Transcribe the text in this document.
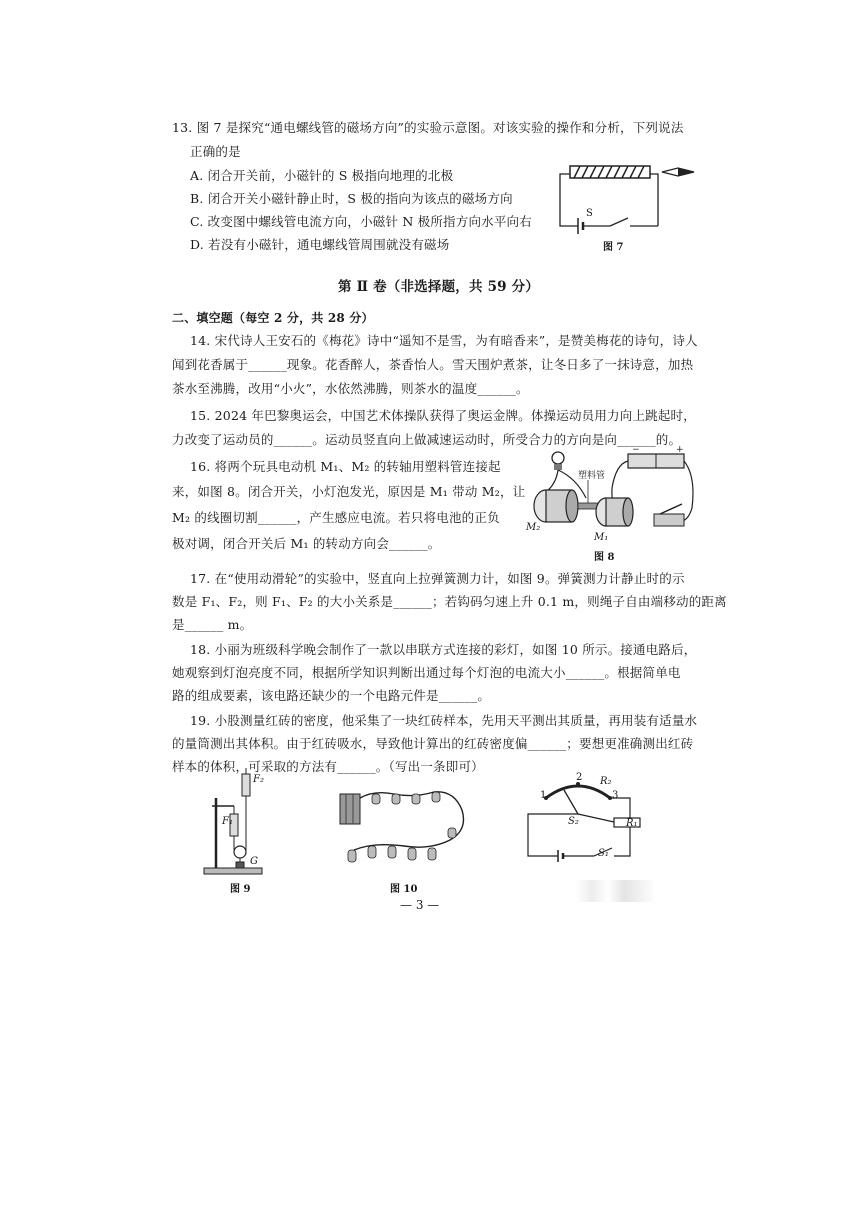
13. 图 7 是探究“通电螺线管的磁场方向”的实验示意图。对该实验的操作和分析，下列说法
正确的是
A. 闭合开关前，小磁针的 S 极指向地理的北极
B. 闭合开关小磁针静止时，S 极的指向为该点的磁场方向
C. 改变图中螺线管电流方向，小磁针 N 极所指方向水平向右
D. 若没有小磁针，通电螺线管周围就没有磁场
S
图 7
第 Ⅱ 卷（非选择题，共 59 分）
二、填空题（每空 2 分，共 28 分）
14. 宋代诗人王安石的《梅花》诗中“遥知不是雪，为有暗香来”，是赞美梅花的诗句，诗人
闻到花香属于______现象。花香醉人，茶香怡人。雪天围炉煮茶，让冬日多了一抹诗意，加热
茶水至沸腾，改用“小火”，水依然沸腾，则茶水的温度______。
15. 2024 年巴黎奥运会，中国艺术体操队获得了奥运金牌。体操运动员用力向上跳起时，
力改变了运动员的______。运动员竖直向上做减速运动时，所受合力的方向是向______的。
16. 将两个玩具电动机 M₁、M₂ 的转轴用塑料管连接起
来，如图 8。闭合开关，小灯泡发光，原因是 M₁ 带动 M₂，让
M₂ 的线圈切割______，产生感应电流。若只将电池的正负
极对调，闭合开关后 M₁ 的转动方向会______。
−	+
塑料管
M₂
M₁
图 8
17. 在“使用动滑轮”的实验中，竖直向上拉弹簧测力计，如图 9。弹簧测力计静止时的示
数是 F₁、F₂，则 F₁、F₂ 的大小关系是______；若钩码匀速上升 0.1 m，则绳子自由端移动的距离
是______ m。
18. 小丽为班级科学晚会制作了一款以串联方式连接的彩灯，如图 10 所示。接通电路后，
她观察到灯泡亮度不同，根据所学知识判断出通过每个灯泡的电流大小______。根据简单电
路的组成要素，该电路还缺少的一个电路元件是______。
19. 小股测量红砖的密度，他采集了一块红砖样本，先用天平测出其质量，再用装有适量水
的量筒测出其体积。由于红砖吸水，导致他计算出的红砖密度偏______；要想更准确测出红砖
样本的体积，可采取的方法有______。（写出一条即可）
F₂
F₁
G
图 9	图 10
1
2
3
R₂
R₁
S₂
S₁
— 3 —
